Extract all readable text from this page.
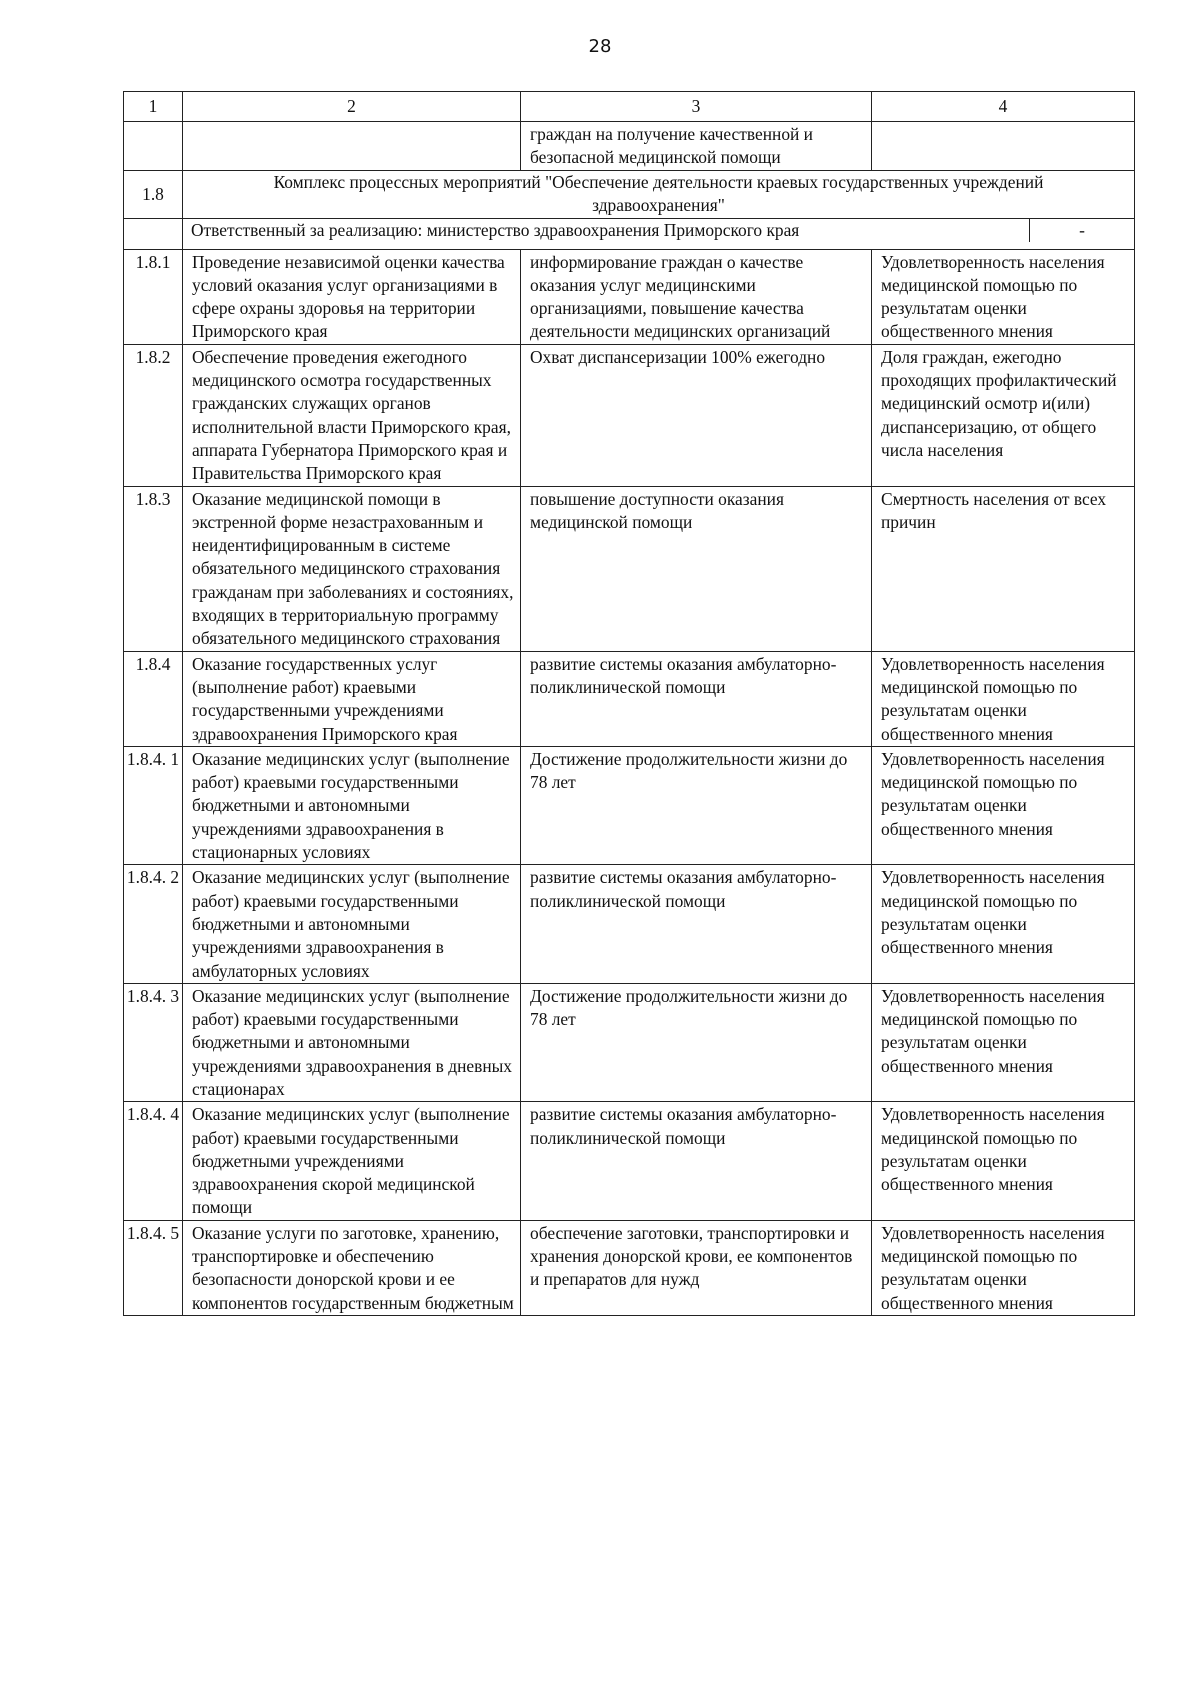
28
1	2	3	4
		граждан на получение качественной и безопасной медицинской помощи	
1.8	Комплекс процессных мероприятий "Обеспечение деятельности краевых государственных учреждений здравоохранения"		

	Ответственный за реализацию: министерство здравоохранения Приморского края -		

1.8.1	Проведение независимой оценки качества условий оказания услуг организациями в сфере охраны здоровья на территории Приморского края	информирование граждан о качестве оказания услуг медицинскими организациями, повышение качества деятельности медицинских организаций	Удовлетворенность населения медицинской помощью по результатам оценки общественного мнения
1.8.2	Обеспечение проведения ежегодного медицинского осмотра государственных гражданских служащих органов исполнительной власти Приморского края, аппарата Губернатора Приморского края и Правительства Приморского края	Охват диспансеризации 100% ежегодно	Доля граждан, ежегодно проходящих профилактический медицинский осмотр и(или) диспансеризацию, от общего числа населения
1.8.3	Оказание медицинской помощи в экстренной форме незастрахованным и неидентифицированным в системе обязательного медицинского страхования гражданам при заболеваниях и состояниях, входящих в территориальную программу обязательного медицинского страхования	повышение доступности оказания медицинской помощи	Смертность населения от всех причин
1.8.4	Оказание государственных услуг (выполнение работ) краевыми государственными учреждениями здравоохранения Приморского края	развитие системы оказания амбулаторно-поликлинической помощи	Удовлетворенность населения медицинской помощью по результатам оценки общественного мнения
1.8.4. 1	Оказание медицинских услуг (выполнение работ) краевыми государственными бюджетными и автономными учреждениями здравоохранения в стационарных условиях	Достижение продолжительности жизни до 78 лет	Удовлетворенность населения медицинской помощью по результатам оценки общественного мнения
1.8.4. 2	Оказание медицинских услуг (выполнение работ) краевыми государственными бюджетными и автономными учреждениями здравоохранения в амбулаторных условиях	развитие системы оказания амбулаторно-поликлинической помощи	Удовлетворенность населения медицинской помощью по результатам оценки общественного мнения
1.8.4. 3	Оказание медицинских услуг (выполнение работ) краевыми государственными бюджетными и автономными учреждениями здравоохранения в дневных стационарах	Достижение продолжительности жизни до 78 лет	Удовлетворенность населения медицинской помощью по результатам оценки общественного мнения
1.8.4. 4	Оказание медицинских услуг (выполнение работ) краевыми государственными бюджетными учреждениями здравоохранения скорой медицинской помощи	развитие системы оказания амбулаторно-поликлинической помощи	Удовлетворенность населения медицинской помощью по результатам оценки общественного мнения
1.8.4. 5	Оказание услуги по заготовке, хранению, транспортировке и обеспечению безопасности донорской крови и ее компонентов государственным бюджетным	обеспечение заготовки, транспортировки и хранения донорской крови, ее компонентов и препаратов для нужд	Удовлетворенность населения медицинской помощью по результатам оценки общественного мнения
